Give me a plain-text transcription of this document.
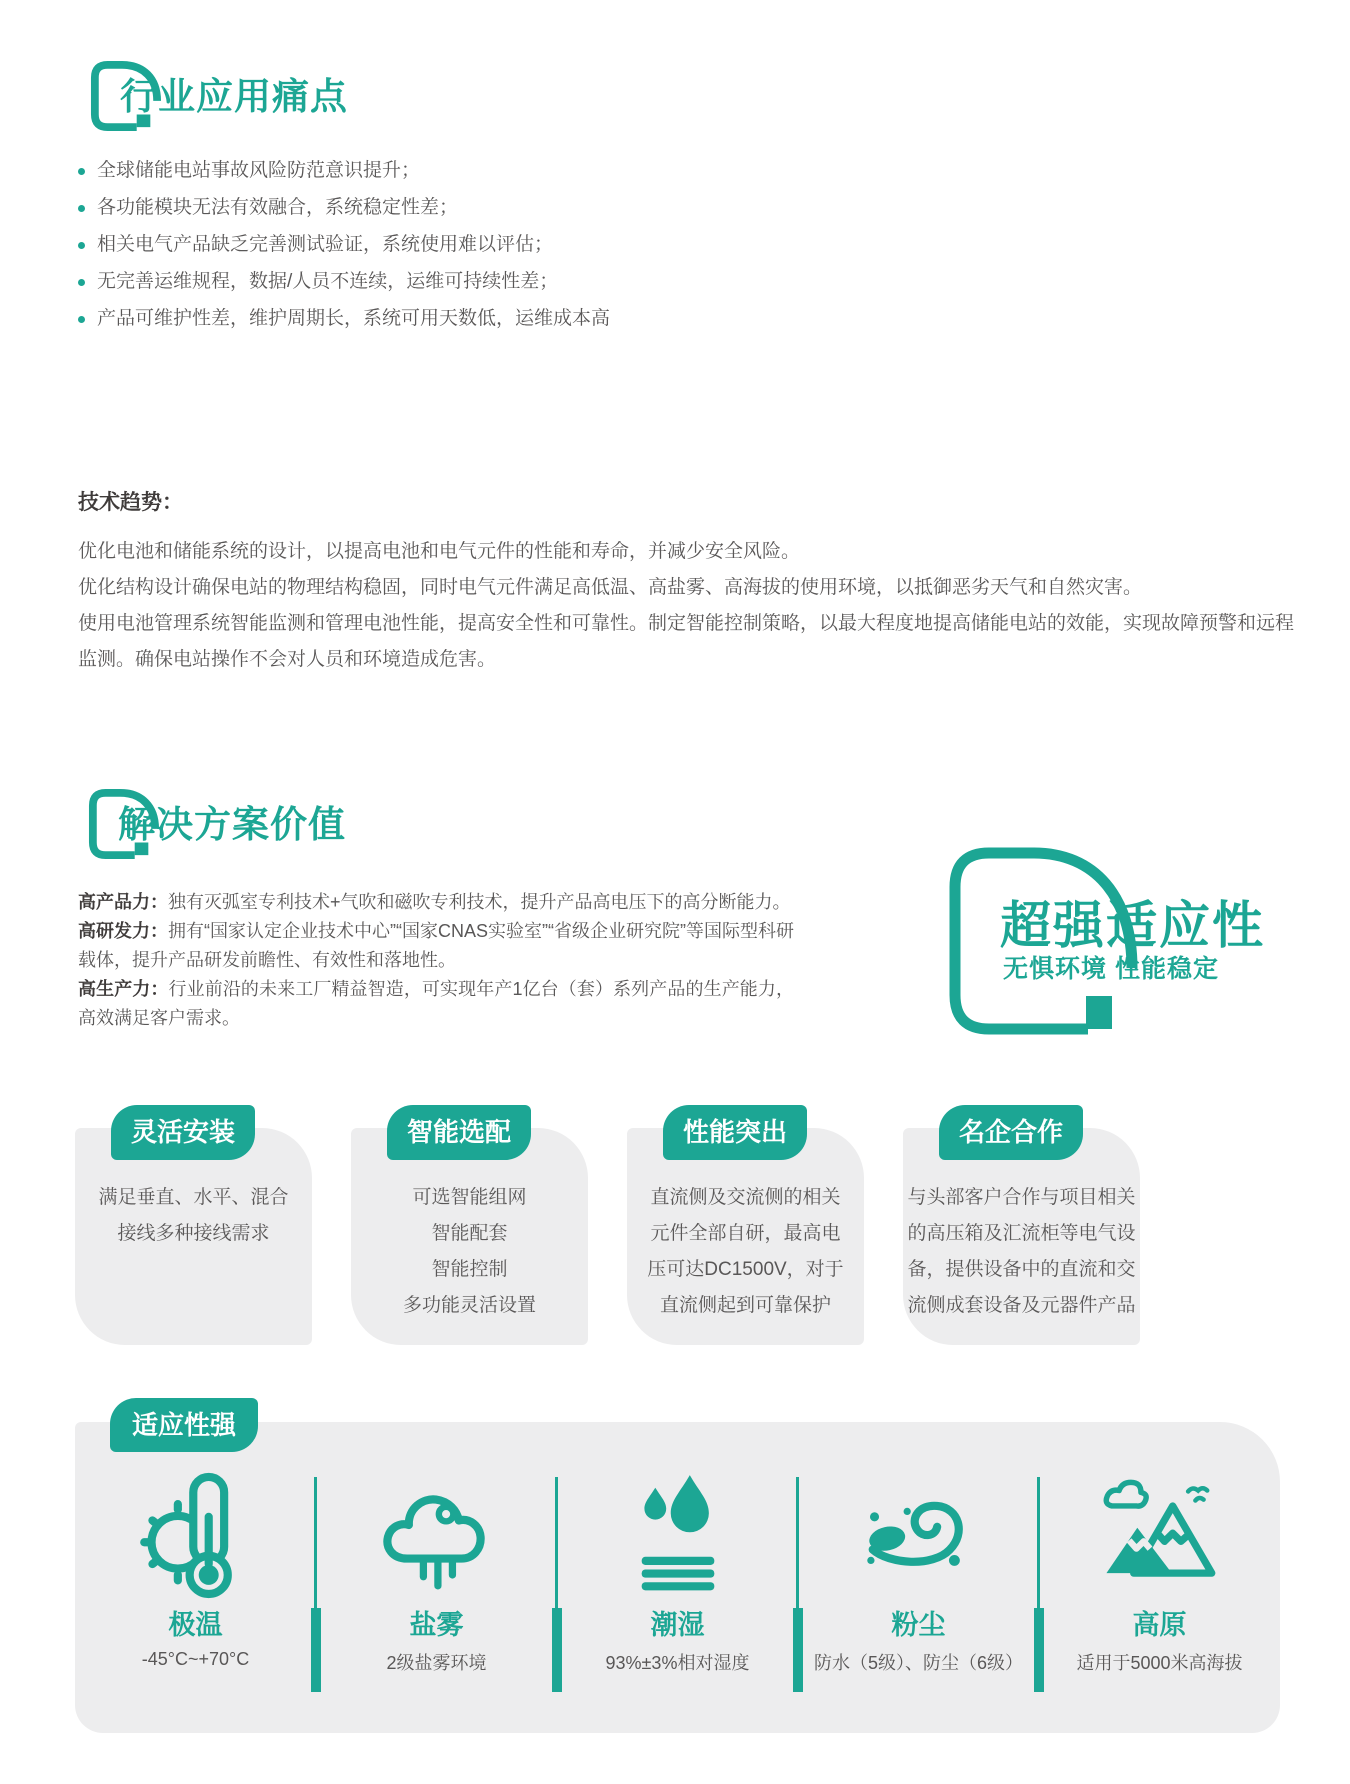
行业应用痛点
全球储能电站事故风险防范意识提升；
各功能模块无法有效融合，系统稳定性差；
相关电气产品缺乏完善测试验证，系统使用难以评估；
无完善运维规程，数据/人员不连续，运维可持续性差；
产品可维护性差，维护周期长，系统可用天数低，运维成本高

技术趋势：

优化电池和储能系统的设计，以提高电池和电气元件的性能和寿命，并减少安全风险。

优化结构设计确保电站的物理结构稳固，同时电气元件满足高低温、高盐雾、高海拔的使用环境，以抵御恶劣天气和自然灾害。

使用电池管理系统智能监测和管理电池性能，提高安全性和可靠性。制定智能控制策略，以最大程度地提高储能电站的效能，实现故障预警和远程监测。确保电站操作不会对人员和环境造成危害。

解决方案价值

高产品力：独有灭弧室专利技术+气吹和磁吹专利技术，提升产品高电压下的高分断能力。

高研发力：拥有“国家认定企业技术中心”“国家CNAS实验室”“省级企业研究院”等国际型科研载体，提升产品研发前瞻性、有效性和落地性。

高生产力：行业前沿的未来工厂精益智造，可实现年产1亿台（套）系列产品的生产能力，高效满足客户需求。

超强适应性
无惧环境 性能稳定
灵活安装
满足垂直、水平、混合
接线多种接线需求
智能选配
可选智能组网
智能配套
智能控制
多功能灵活设置
性能突出
直流侧及交流侧的相关
元件全部自研，最高电
压可达DC1500V，对于
直流侧起到可靠保护
名企合作
与头部客户合作与项目相关
的高压箱及汇流柜等电气设
备，提供设备中的直流和交
流侧成套设备及元器件产品
适应性强
极温
-45°C~+70°C
盐雾
2级盐雾环境
潮湿
93%±3%相对湿度
粉尘
防水（5级）、防尘（6级）
高原
适用于5000米高海拔
